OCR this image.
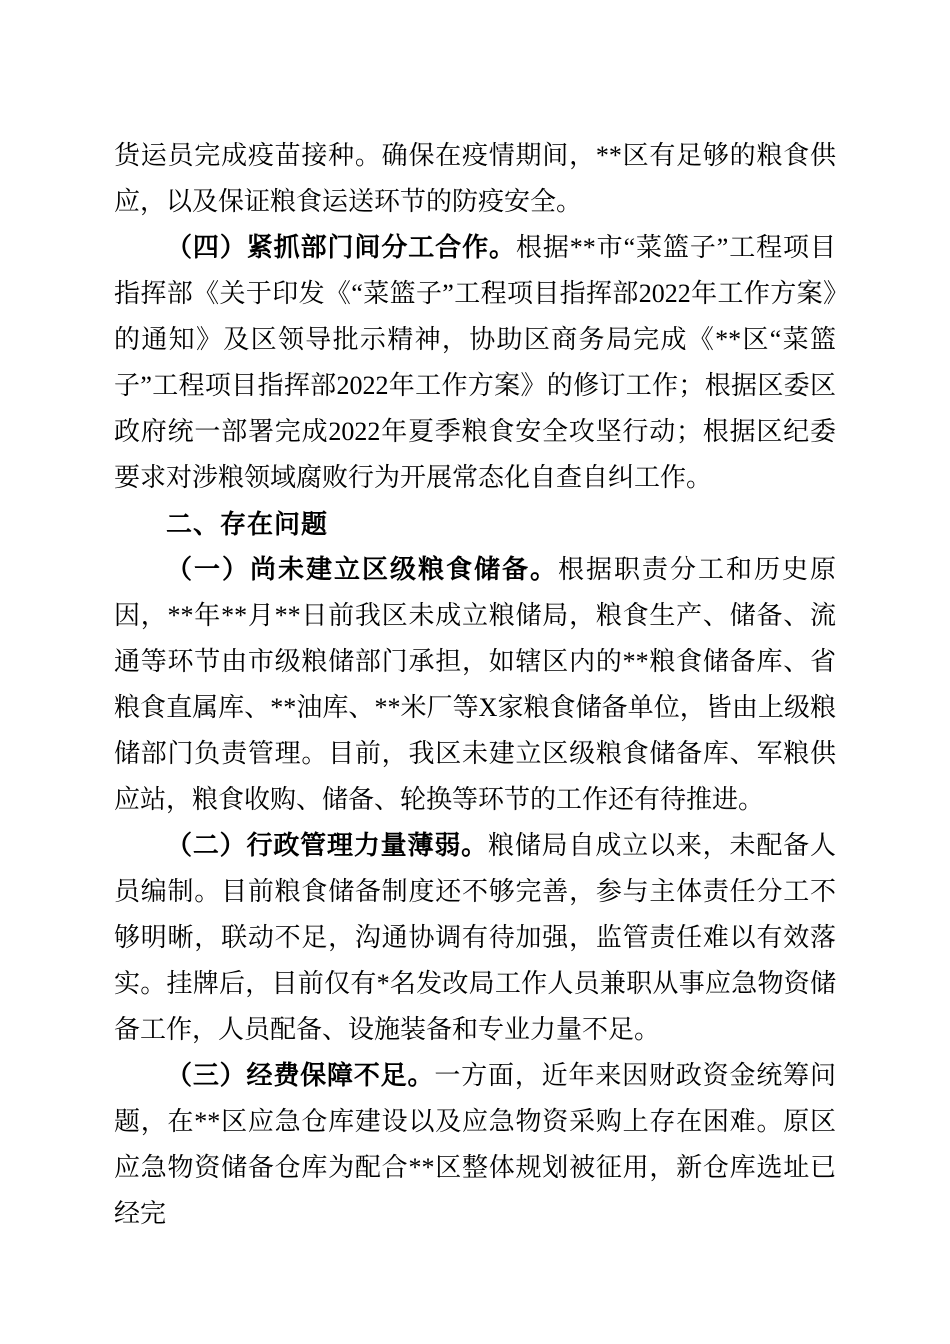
货运员完成疫苗接种。确保在疫情期间，**区有足够的粮食供应，以及保证粮食运送环节的防疫安全。

（四）紧抓部门间分工合作。根据**市“菜篮子”工程项目指挥部《关于印发《“菜篮子”工程项目指挥部2022年工作方案》的通知》及区领导批示精神，协助区商务局完成《**区“菜篮子”工程项目指挥部2022年工作方案》的修订工作；根据区委区政府统一部署完成2022年夏季粮食安全攻坚行动；根据区纪委要求对涉粮领域腐败行为开展常态化自查自纠工作。

二、存在问题

（一）尚未建立区级粮食储备。根据职责分工和历史原因，**年**月**日前我区未成立粮储局，粮食生产、储备、流通等环节由市级粮储部门承担，如辖区内的**粮食储备库、省粮食直属库、**油库、**米厂等X家粮食储备单位，皆由上级粮储部门负责管理。目前，我区未建立区级粮食储备库、军粮供应站，粮食收购、储备、轮换等环节的工作还有待推进。

（二）行政管理力量薄弱。粮储局自成立以来，未配备人员编制。目前粮食储备制度还不够完善，参与主体责任分工不够明晰，联动不足，沟通协调有待加强，监管责任难以有效落实。挂牌后，目前仅有*名发改局工作人员兼职从事应急物资储备工作，人员配备、设施装备和专业力量不足。

（三）经费保障不足。一方面，近年来因财政资金统筹问题，在**区应急仓库建设以及应急物资采购上存在困难。原区应急物资储备仓库为配合**区整体规划被征用，新仓库选址已经完
